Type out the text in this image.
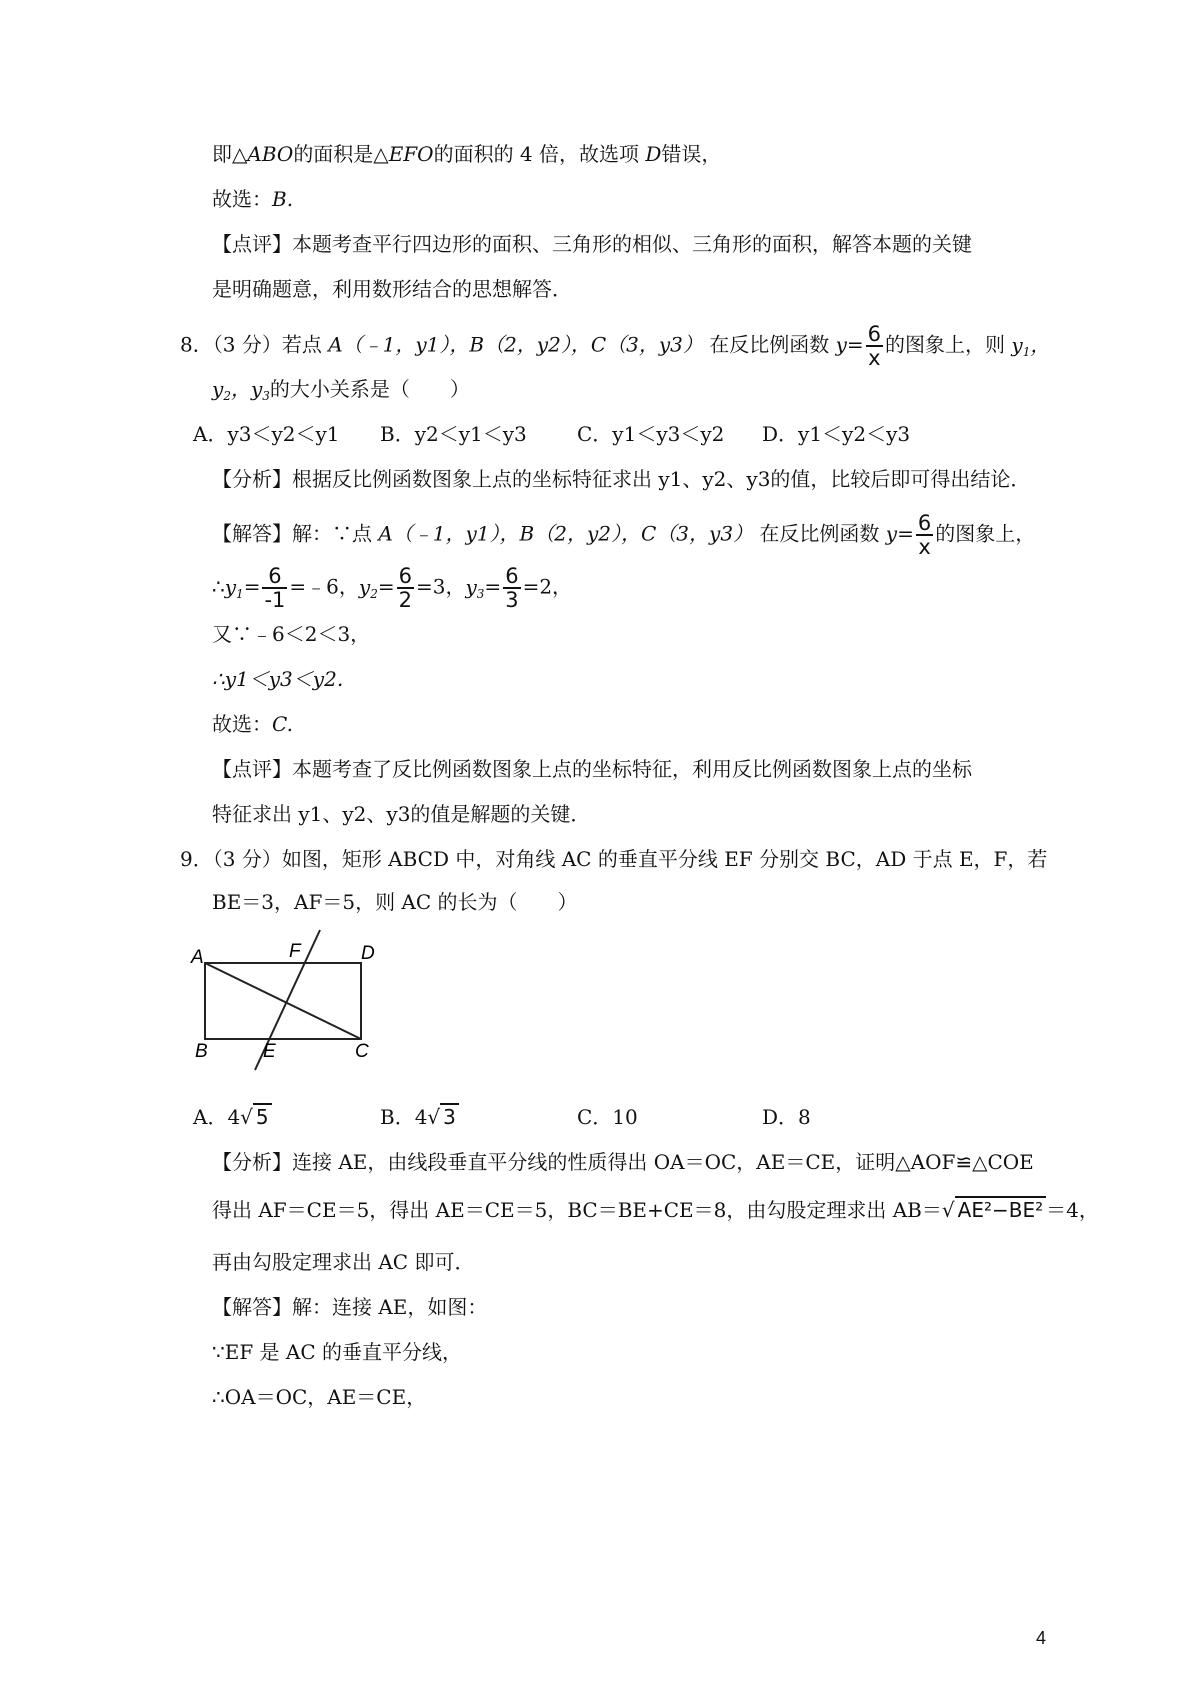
即△ABO的面积是△EFO的面积的 4 倍，故选项 D错误，
故选：B.
【点评】本题考查平行四边形的面积、三角形的相似、三角形的面积，解答本题的关键
是明确题意，利用数形结合的思想解答．
8．（3 分）若点 A（﹣1，y1），B（2，y2），C（3，y3） 在反比例函数 $y= \frac{6}{x}$ 的图象上，则 $y_1$，
$y_2$，$y_3$的大小关系是（　　）
A．y3＜y2＜y1 B．y2＜y1＜y3	C．y1＜y3＜y2 D．y1＜y2＜y3
【分析】根据反比例函数图象上点的坐标特征求出 y1、y2、y3的值，比较后即可得出结论．
【解答】解：∵点 A（﹣1，y1），B（2，y2），C（3，y3） 在反比例函数 $y= \frac{6}{x}$ 的图象上，
$\therefore y_1= \frac{6}{-1}$ =﹣6，$y_2= \frac{6}{2} =3$，$y_3= \frac{6}{3} =2$，
又∵﹣6＜2＜3，
∴y1＜y3＜y2．
故选：C.
【点评】本题考查了反比例函数图象上点的坐标特征，利用反比例函数图象上点的坐标
特征求出 y1、y2、y3的值是解题的关键．
9．（3 分）如图，矩形 ABCD 中，对角线 AC 的垂直平分线 EF 分别交 BC，AD 于点 E，F，若
BE＝3，AF＝5，则 AC 的长为（　　）
A	F	D
B	E	C
A．4√ 5	B．4√ 3	C．10	D．8
【分析】连接 AE，由线段垂直平分线的性质得出 OA＝OC，AE＝CE，证明△AOF≌△COE
得出 AF＝CE＝5，得出 AE＝CE＝5，BC＝BE+CE＝8，由勾股定理求出 AB＝√ AE²−BE² ＝4，
再由勾股定理求出 AC 即可．
【解答】解：连接 AE，如图：
∵EF 是 AC 的垂直平分线，
∴OA＝OC，AE＝CE，
4
